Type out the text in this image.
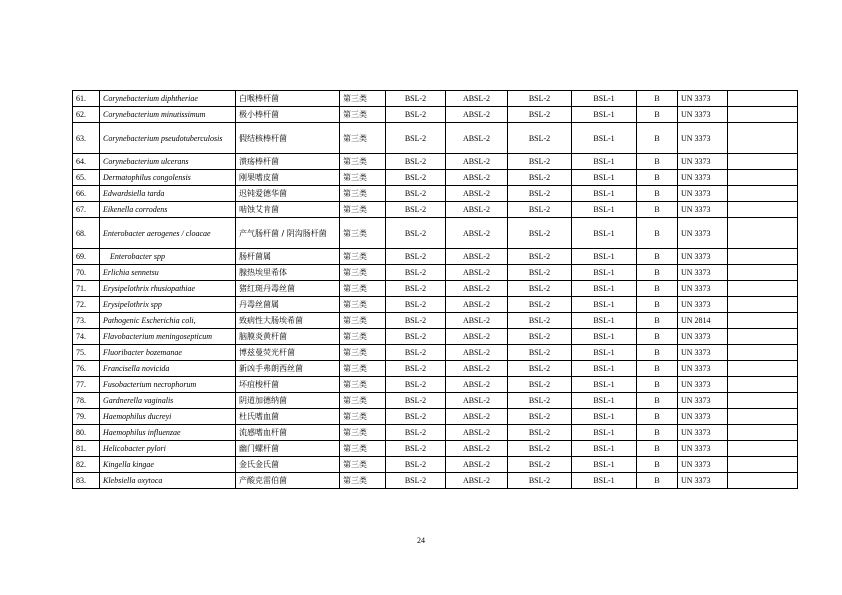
61.	Corynebacterium diphtheriae	白喉棒杆菌	第三类	BSL-2	ABSL-2	BSL-2	BSL-1	B	UN 3373	
62.	Corynebacterium minutissimum	极小棒杆菌	第三类	BSL-2	ABSL-2	BSL-2	BSL-1	B	UN 3373	
63.	Corynebacterium pseudotuberculosis	假结核棒杆菌	第三类	BSL-2	ABSL-2	BSL-2	BSL-1	B	UN 3373	
64.	Corynebacterium ulcerans	溃疡棒杆菌	第三类	BSL-2	ABSL-2	BSL-2	BSL-1	B	UN 3373	
65.	Dermatophilus congolensis	刚果嗜皮菌	第三类	BSL-2	ABSL-2	BSL-2	BSL-1	B	UN 3373	
66.	Edwardsiella tarda	迟钝爱德华菌	第三类	BSL-2	ABSL-2	BSL-2	BSL-1	B	UN 3373	
67.	Eikenella corrodens	啮蚀艾肯菌	第三类	BSL-2	ABSL-2	BSL-2	BSL-1	B	UN 3373	
68.	Enterobacter aerogenes / cloacae	产气肠杆菌 / 阴沟肠杆菌	第三类	BSL-2	ABSL-2	BSL-2	BSL-1	B	UN 3373	
69.	Enterobacter spp	肠杆菌属	第三类	BSL-2	ABSL-2	BSL-2	BSL-1	B	UN 3373	
70.	Erlichia sennetsu	腺热埃里希体	第三类	BSL-2	ABSL-2	BSL-2	BSL-1	B	UN 3373	
71.	Erysipelothrix rhusiopathiae	猪红斑丹毒丝菌	第三类	BSL-2	ABSL-2	BSL-2	BSL-1	B	UN 3373	
72.	Erysipelothrix spp	丹毒丝菌属	第三类	BSL-2	ABSL-2	BSL-2	BSL-1	B	UN 3373	
73.	Pathogenic Escherichia coli,	致病性大肠埃希菌	第三类	BSL-2	ABSL-2	BSL-2	BSL-1	B	UN 2814	
74.	Flavobacterium meningosepticum	脑膜炎黄杆菌	第三类	BSL-2	ABSL-2	BSL-2	BSL-1	B	UN 3373	
75.	Fluoribacter bozemanae	博兹曼荧光杆菌	第三类	BSL-2	ABSL-2	BSL-2	BSL-1	B	UN 3373	
76.	Francisella novicida	新凶手弗朗西丝菌	第三类	BSL-2	ABSL-2	BSL-2	BSL-1	B	UN 3373	
77.	Fusobacterium necrophorum	坏疽梭杆菌	第三类	BSL-2	ABSL-2	BSL-2	BSL-1	B	UN 3373	
78.	Gardnerella vaginalis	阴道加德纳菌	第三类	BSL-2	ABSL-2	BSL-2	BSL-1	B	UN 3373	
79.	Haemophilus ducreyi	杜氏嗜血菌	第三类	BSL-2	ABSL-2	BSL-2	BSL-1	B	UN 3373	
80.	Haemophilus influenzae	流感嗜血杆菌	第三类	BSL-2	ABSL-2	BSL-2	BSL-1	B	UN 3373	
81.	Helicobacter pylori	幽门螺杆菌	第三类	BSL-2	ABSL-2	BSL-2	BSL-1	B	UN 3373	
82.	Kingella kingae	金氏金氏菌	第三类	BSL-2	ABSL-2	BSL-2	BSL-1	B	UN 3373	
83.	Klebsiella oxytoca	产酸克雷伯菌	第三类	BSL-2	ABSL-2	BSL-2	BSL-1	B	UN 3373	
24
